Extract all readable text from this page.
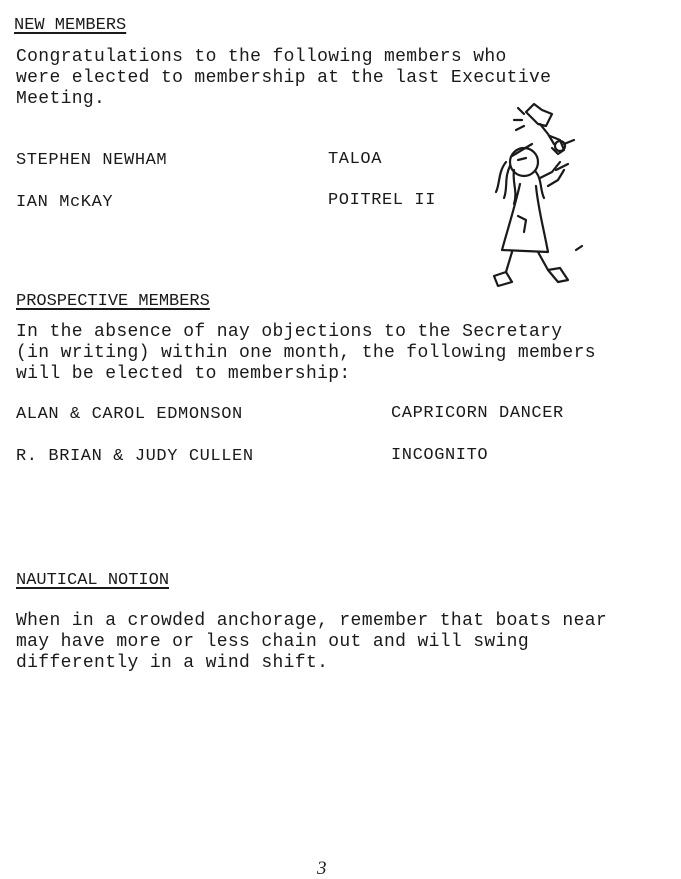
NEW MEMBERS

Congratulations to the following members who

were elected to membership at the last Executive

Meeting.

STEPHEN NEWHAM	TALOA

IAN McKAY	POITREL II

PROSPECTIVE MEMBERS

In the absence of nay objections to the Secretary

(in writing) within one month, the following members

will be elected to membership:

ALAN & CAROL EDMONSON	CAPRICORN DANCER

R. BRIAN & JUDY CULLEN	INCOGNITO

NAUTICAL NOTION

When in a crowded anchorage, remember that boats near

may have more or less chain out and will swing

differently in a wind shift.

3
